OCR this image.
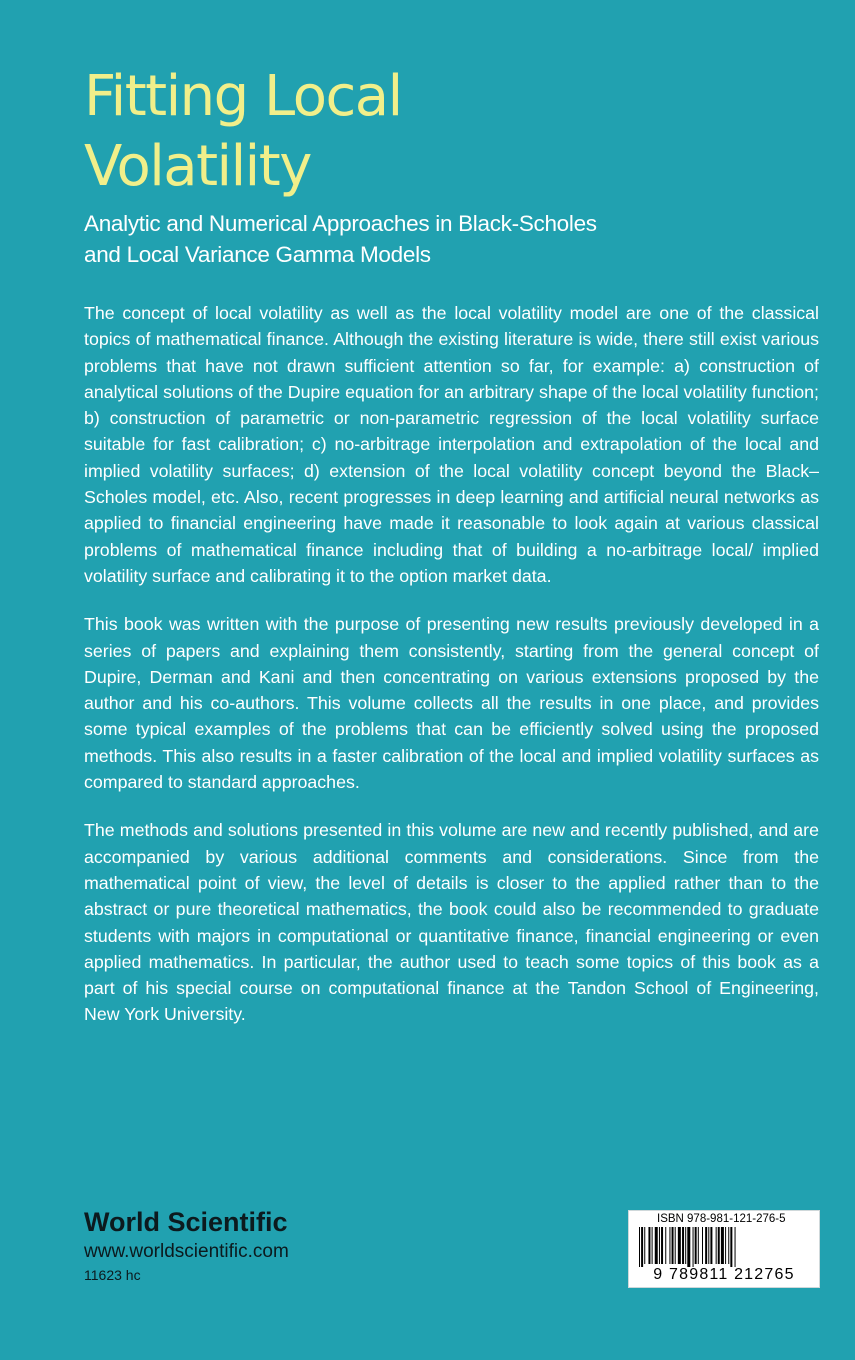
Fitting Local
Volatility
Analytic and Numerical Approaches in Black-Scholes
and Local Variance Gamma Models

The concept of local volatility as well as the local volatility model are one of the classical topics of mathematical finance. Although the existing literature is wide, there still exist various problems that have not drawn sufficient attention so far, for example: a) construction of analytical solutions of the Dupire equation for an arbitrary shape of the local volatility function; b) construction of parametric or non-parametric regression of the local volatility surface suitable for fast calibration; c) no-arbitrage interpolation and extrapolation of the local and implied volatility surfaces; d) extension of the local volatility concept beyond the Black–Scholes model, etc. Also, recent progresses in deep learning and artificial neural networks as applied to financial engineering have made it reasonable to look again at various classical problems of mathematical finance including that of building a no-arbitrage local/ implied volatility surface and calibrating it to the option market data.

This book was written with the purpose of presenting new results previously developed in a series of papers and explaining them consistently, starting from the general concept of Dupire, Derman and Kani and then concentrating on various extensions proposed by the author and his co-authors. This volume collects all the results in one place, and provides some typical examples of the problems that can be efficiently solved using the proposed methods. This also results in a faster calibration of the local and implied volatility surfaces as compared to standard approaches.

The methods and solutions presented in this volume are new and recently published, and are accompanied by various additional comments and considerations. Since from the mathematical point of view, the level of details is closer to the applied rather than to the abstract or pure theoretical mathematics, the book could also be recommended to graduate students with majors in computational or quantitative finance, financial engineering or even applied mathematics. In particular, the author used to teach some topics of this book as a part of his special course on computational finance at the Tandon School of Engineering, New York University.

World Scientific
www.worldscientific.com
11623 hc
ISBN 978-981-121-276-5
9 789811 212765
